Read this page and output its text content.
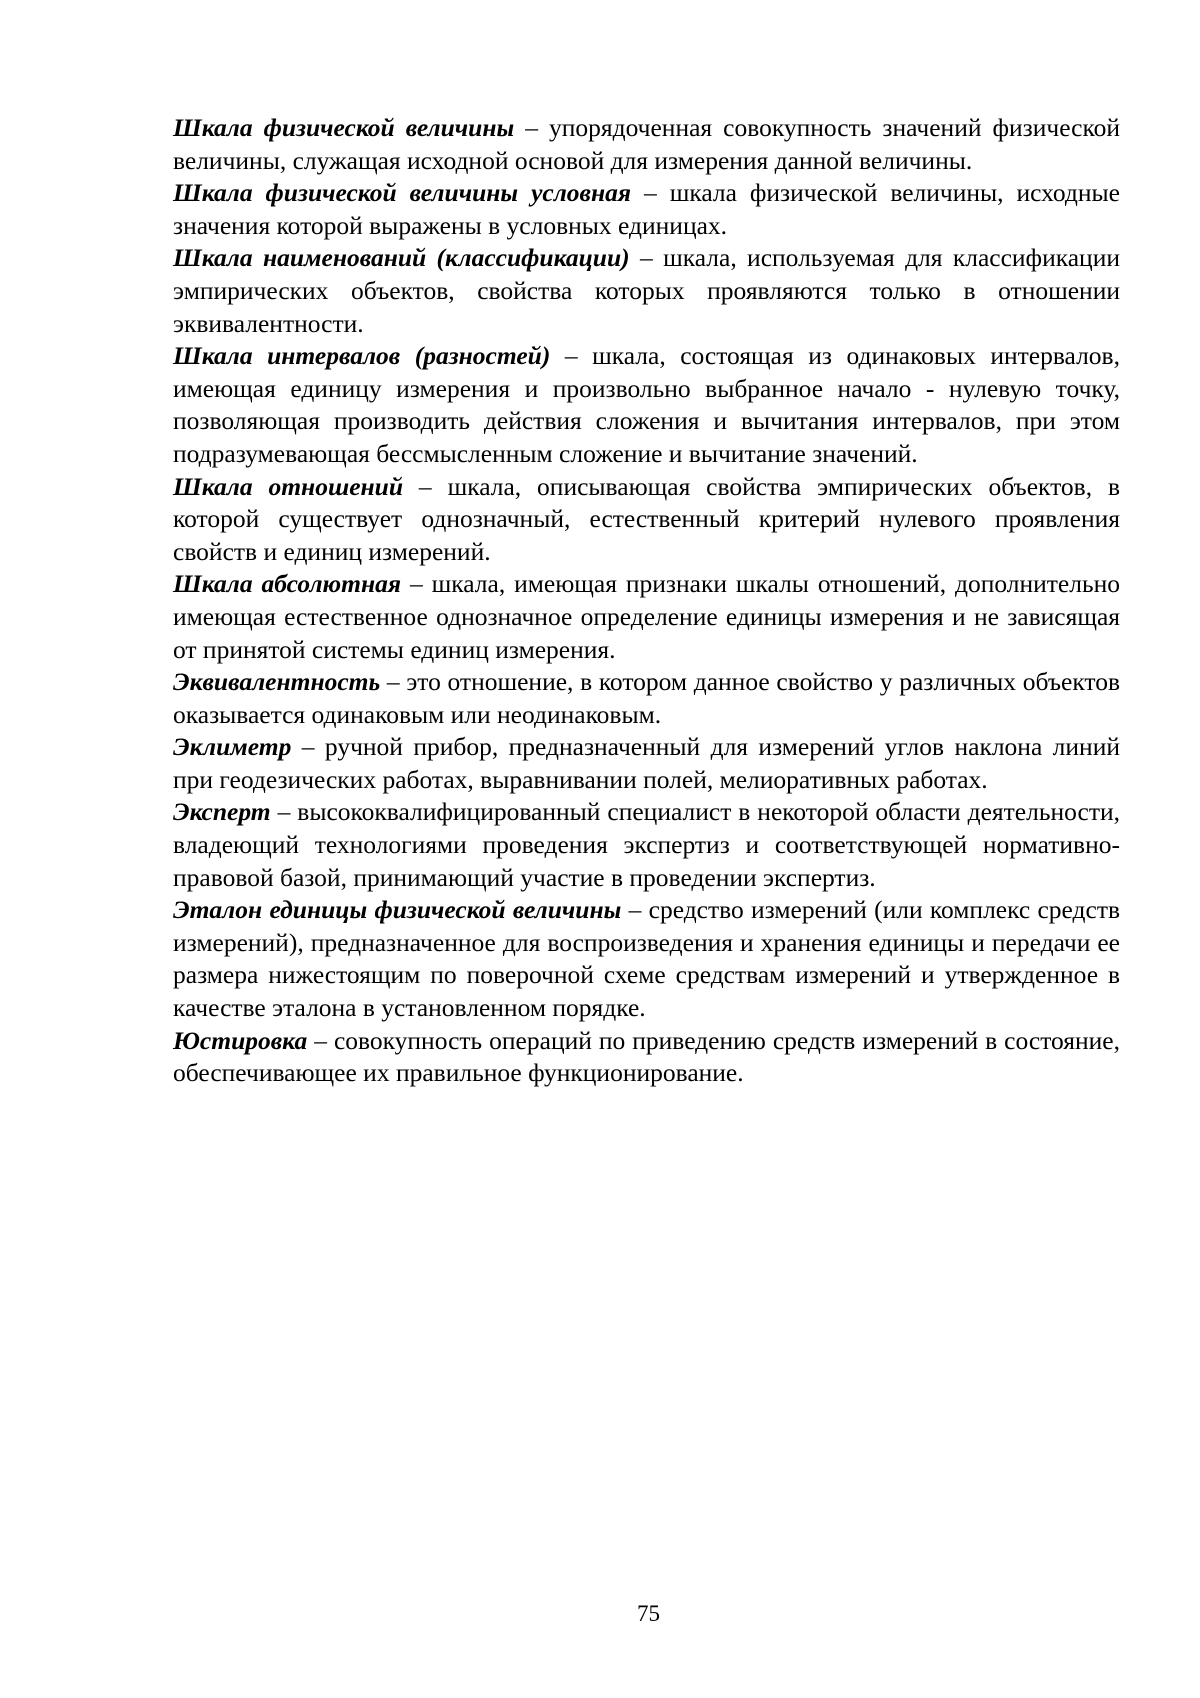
Шкала физической величины – упорядоченная совокупность значений физической величины, служащая исходной основой для измерения данной величины.

Шкала физической величины условная – шкала физической величины, исходные значения которой выражены в условных единицах.

Шкала наименований (классификации) – шкала, используемая для классификации эмпирических объектов, свойства которых проявляются только в отношении эквивалентности.

Шкала интервалов (разностей) – шкала, состоящая из одинаковых интервалов, имеющая единицу измерения и произвольно выбранное начало - нулевую точку, позволяющая производить действия сложения и вычитания интервалов, при этом подразумевающая бессмысленным сложение и вычитание значений.

Шкала отношений – шкала, описывающая свойства эмпирических объектов, в которой существует однозначный, естественный критерий нулевого проявления свойств и единиц измерений.

Шкала абсолютная – шкала, имеющая признаки шкалы отношений, дополнительно имеющая естественное однозначное определение единицы измерения и не зависящая от принятой системы единиц измерения.

Эквивалентность – это отношение, в котором данное свойство у различных объектов оказывается одинаковым или неодинаковым.

Эклиметр – ручной прибор, предназначенный для измерений углов наклона линий при геодезических работах, выравнивании полей, мелиоративных работах.

Эксперт – высококвалифицированный специалист в некоторой области деятельности, владеющий технологиями проведения экспертиз и соответствующей нормативно-правовой базой, принимающий участие в проведении экспертиз.

Эталон единицы физической величины – средство измерений (или комплекс средств измерений), предназначенное для воспроизведения и хранения единицы и передачи ее размера нижестоящим по поверочной схеме средствам измерений и утвержденное в качестве эталона в установленном порядке.

Юстировка – совокупность операций по приведению средств измерений в состояние, обеспечивающее их правильное функционирование.

75
